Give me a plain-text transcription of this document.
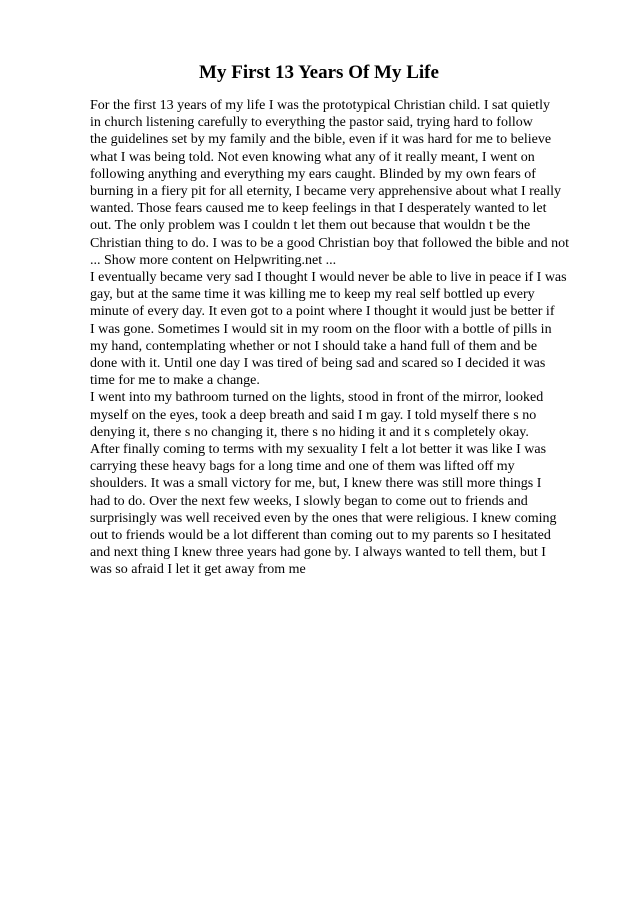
My First 13 Years Of My Life
For the first 13 years of my life I was the prototypical Christian child. I sat quietly
in church listening carefully to everything the pastor said, trying hard to follow
the guidelines set by my family and the bible, even if it was hard for me to believe
what I was being told. Not even knowing what any of it really meant, I went on
following anything and everything my ears caught. Blinded by my own fears of
burning in a fiery pit for all eternity, I became very apprehensive about what I really
wanted. Those fears caused me to keep feelings in that I desperately wanted to let
out. The only problem was I couldn t let them out because that wouldn t be the
Christian thing to do. I was to be a good Christian boy that followed the bible and not
... Show more content on Helpwriting.net ...
I eventually became very sad I thought I would never be able to live in peace if I was
gay, but at the same time it was killing me to keep my real self bottled up every
minute of every day. It even got to a point where I thought it would just be better if
I was gone. Sometimes I would sit in my room on the floor with a bottle of pills in
my hand, contemplating whether or not I should take a hand full of them and be
done with it. Until one day I was tired of being sad and scared so I decided it was
time for me to make a change.
I went into my bathroom turned on the lights, stood in front of the mirror, looked
myself on the eyes, took a deep breath and said I m gay. I told myself there s no
denying it, there s no changing it, there s no hiding it and it s completely okay.
After finally coming to terms with my sexuality I felt a lot better it was like I was
carrying these heavy bags for a long time and one of them was lifted off my
shoulders. It was a small victory for me, but, I knew there was still more things I
had to do. Over the next few weeks, I slowly began to come out to friends and
surprisingly was well received even by the ones that were religious. I knew coming
out to friends would be a lot different than coming out to my parents so I hesitated
and next thing I knew three years had gone by. I always wanted to tell them, but I
was so afraid I let it get away from me
